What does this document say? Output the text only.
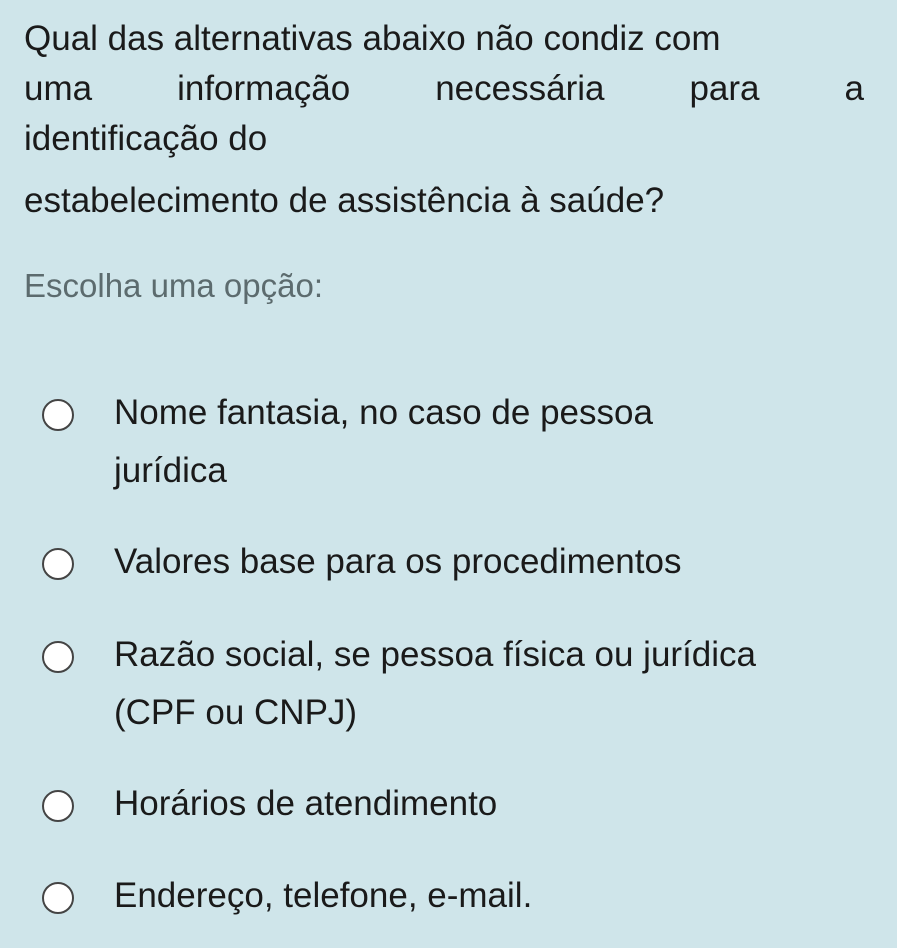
Qual das alternativas abaixo não condiz com
uma informação necessária para a
identificação do
estabelecimento de assistência à saúde?
Escolha uma opção:
Nome fantasia, no caso de pessoa
jurídica
Valores base para os procedimentos
Razão social, se pessoa física ou jurídica
(CPF ou CNPJ)
Horários de atendimento
Endereço, telefone, e-mail.
